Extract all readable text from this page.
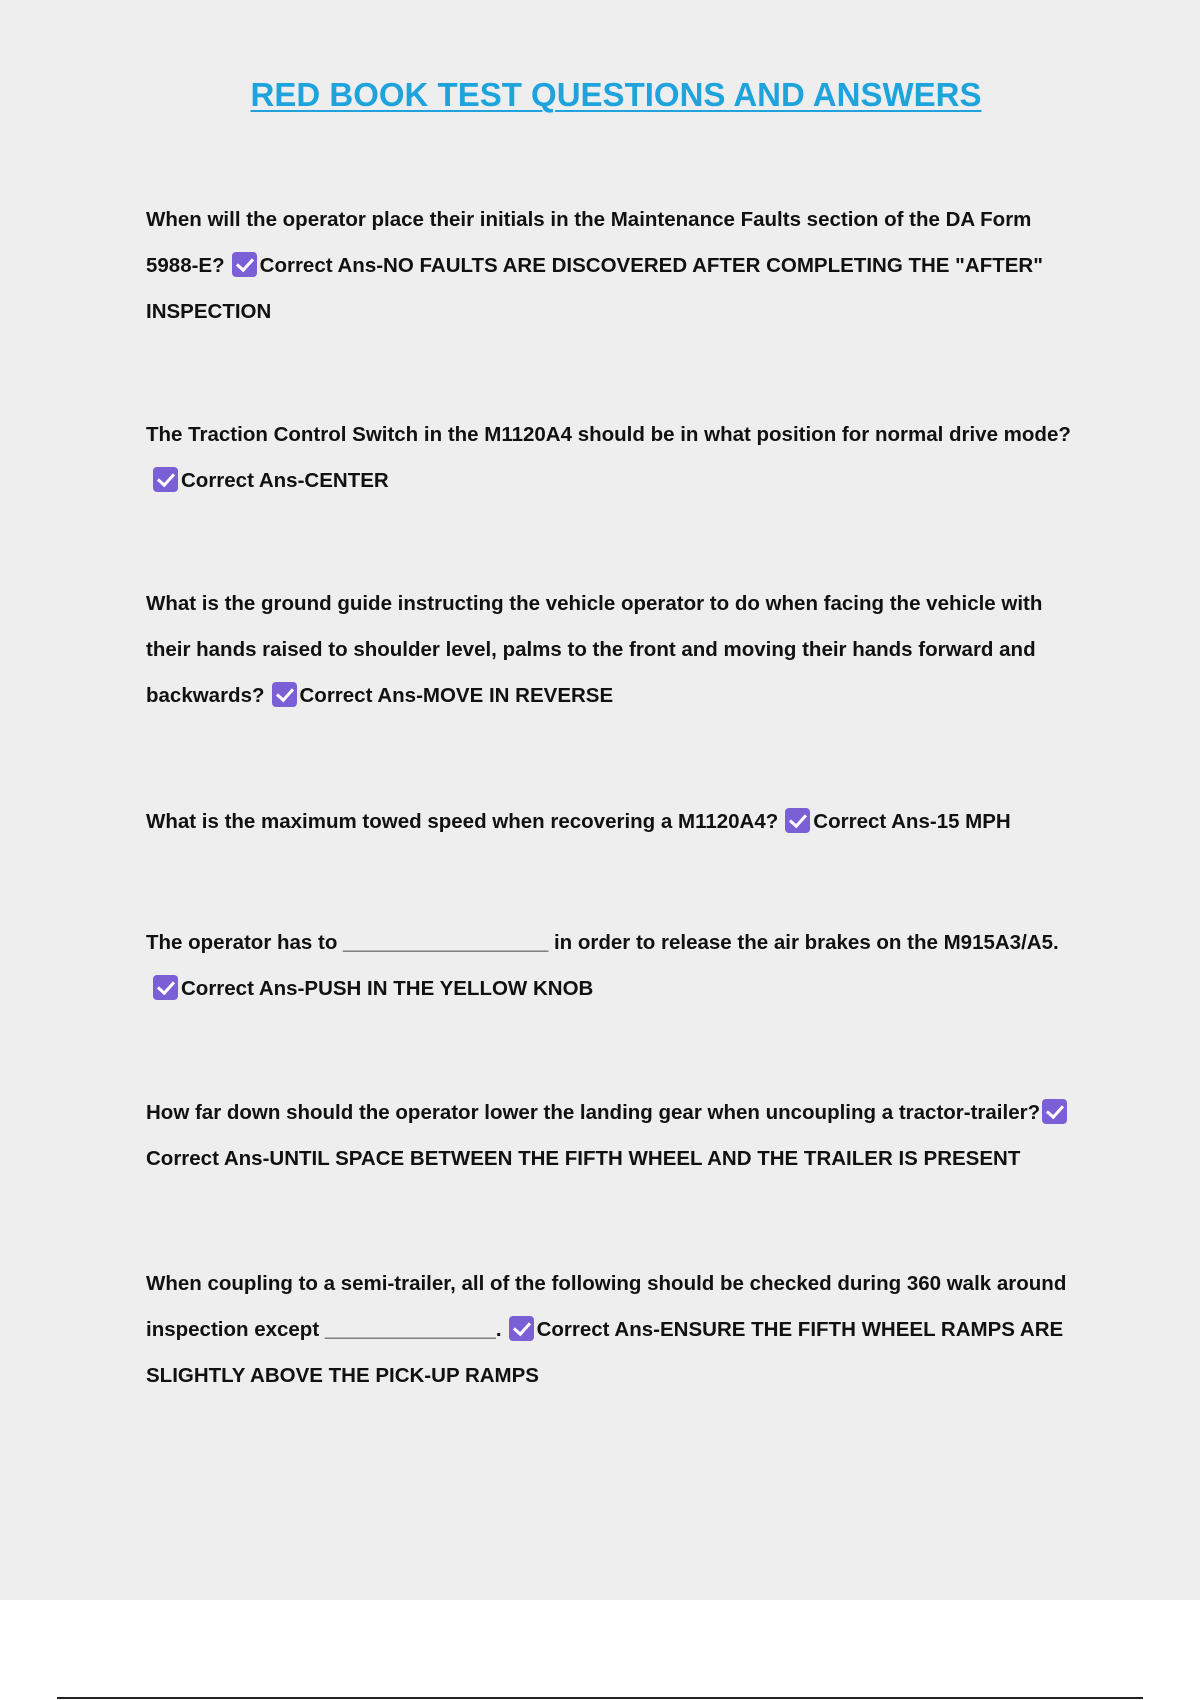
RED BOOK TEST QUESTIONS AND ANSWERS

When will the operator place their initials in the Maintenance Faults section of the DA Form 5988-E? Correct Ans-NO FAULTS ARE DISCOVERED AFTER COMPLETING THE "AFTER" INSPECTION

The Traction Control Switch in the M1120A4 should be in what position for normal drive mode?Correct Ans-CENTER

What is the ground guide instructing the vehicle operator to do when facing the vehicle with their hands raised to shoulder level, palms to the front and moving their hands forward and backwards? Correct Ans-MOVE IN REVERSE

What is the maximum towed speed when recovering a M1120A4? Correct Ans-15 MPH

The operator has to __________________ in order to release the air brakes on the M915A3/A5.Correct Ans-PUSH IN THE YELLOW KNOB

How far down should the operator lower the landing gear when uncoupling a tractor-trailer?Correct Ans-UNTIL SPACE BETWEEN THE FIFTH WHEEL AND THE TRAILER IS PRESENT

When coupling to a semi-trailer, all of the following should be checked during 360 walk around inspection except _______________. Correct Ans-ENSURE THE FIFTH WHEEL RAMPS ARE SLIGHTLY ABOVE THE PICK-UP RAMPS
